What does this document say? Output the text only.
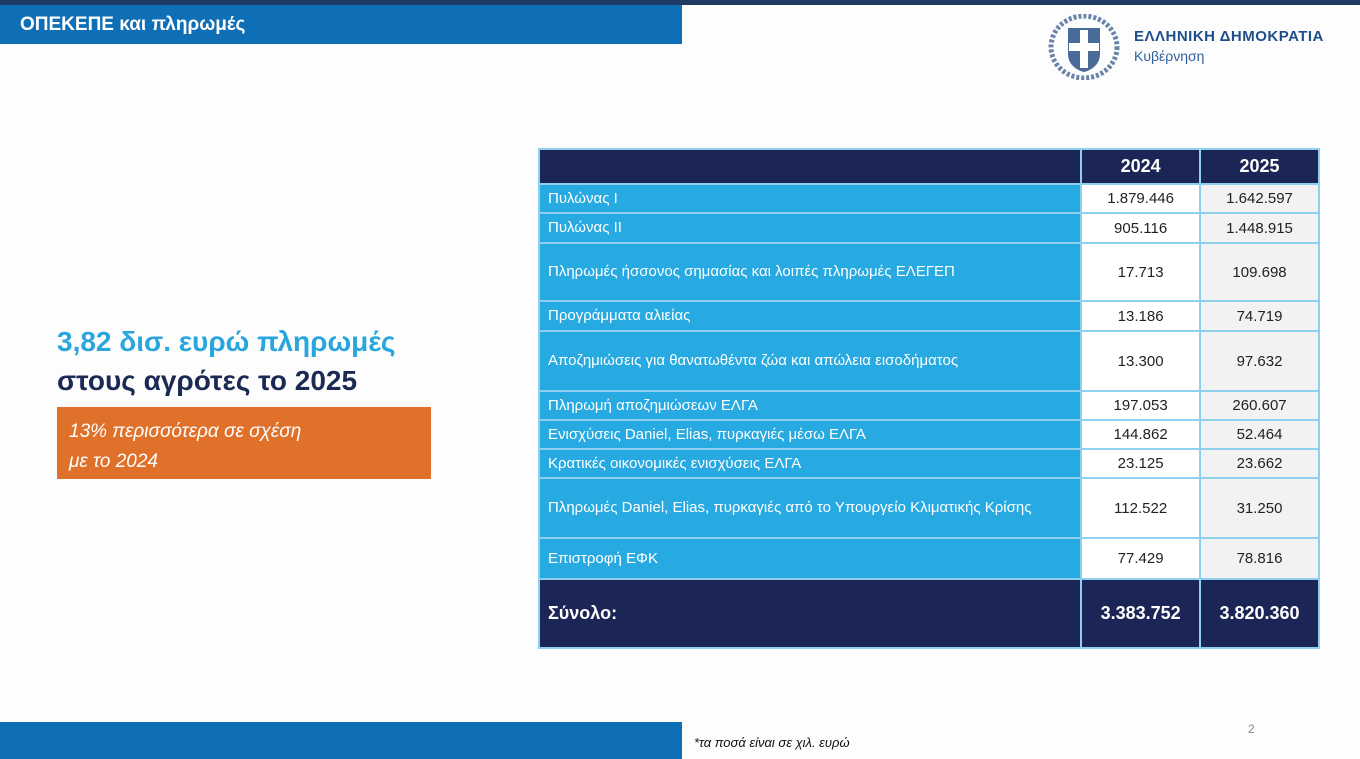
ΟΠΕΚΕΠΕ και πληρωμές
ΕΛΛΗΝΙΚΗ ΔΗΜΟΚΡΑΤΙΑ
Κυβέρνηση
3,82 δισ. ευρώ πληρωμές
στους αγρότες το 2025
13% περισσότερα σε σχέση
με το 2024
	2024	2025
Πυλώνας Ι	1.879.446	1.642.597
Πυλώνας ΙΙ	905.116	1.448.915
Πληρωμές ήσσονος σημασίας και λοιπές πληρωμές ΕΛΕΓΕΠ	17.713	109.698
Προγράμματα αλιείας	13.186	74.719
Αποζημιώσεις για θανατωθέντα ζώα και απώλεια εισοδήματος	13.300	97.632
Πληρωμή αποζημιώσεων ΕΛΓΑ	197.053	260.607
Ενισχύσεις Daniel, Elias, πυρκαγιές μέσω ΕΛΓΑ	144.862	52.464
Κρατικές οικονομικές ενισχύσεις ΕΛΓΑ	23.125	23.662
Πληρωμές Daniel, Elias, πυρκαγιές από το Υπουργείο Κλιματικής Κρίσης	112.522	31.250
Επιστροφή ΕΦΚ	77.429	78.816
Σύνολο:	3.383.752	3.820.360
*τα ποσά είναι σε χιλ. ευρώ
2
